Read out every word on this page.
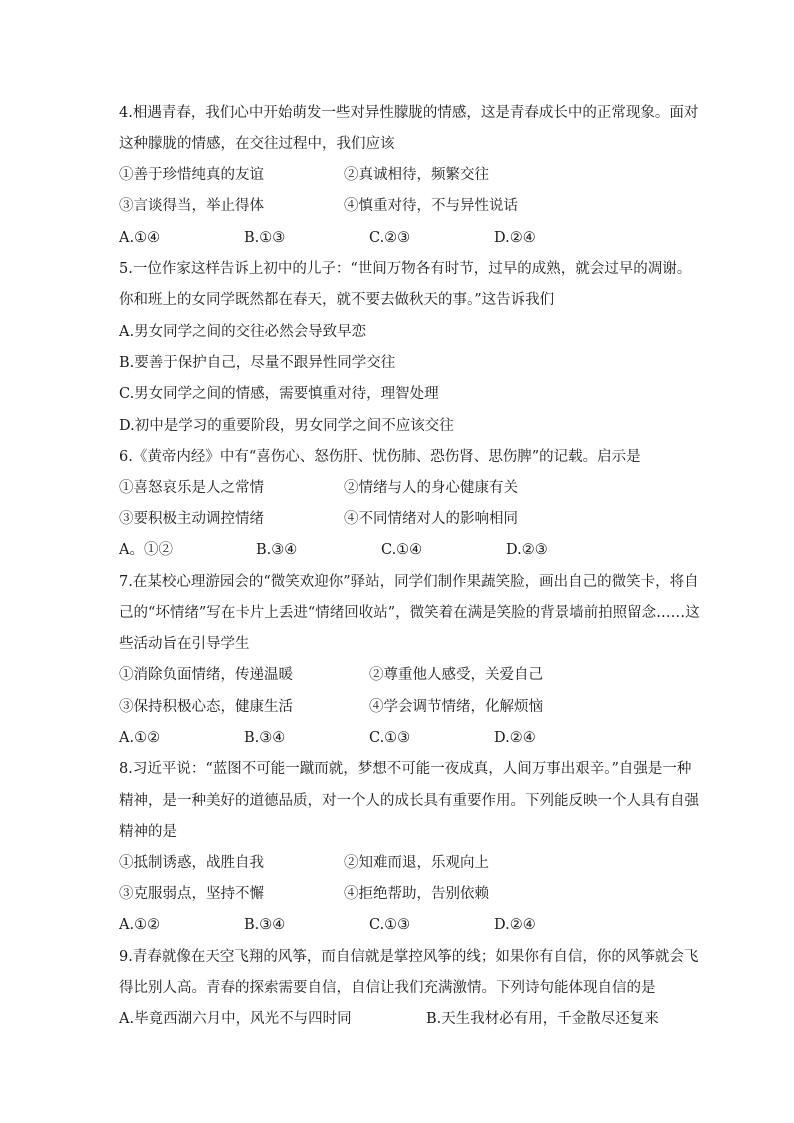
4.相遇青春，我们心中开始萌发一些对异性朦胧的情感，这是青春成长中的正常现象。面对
这种朦胧的情感，在交往过程中，我们应该
①善于珍惜纯真的友谊	②真诚相待，频繁交往
③言谈得当，举止得体	④慎重对待，不与异性说话
A.①④	B.①③	C.②③	D.②④
5.一位作家这样告诉上初中的儿子：“世间万物各有时节，过早的成熟，就会过早的凋谢。
你和班上的女同学既然都在春天，就不要去做秋天的事。”这告诉我们
A.男女同学之间的交往必然会导致早恋
B.要善于保护自己，尽量不跟异性同学交往
C.男女同学之间的情感，需要慎重对待，理智处理
D.初中是学习的重要阶段，男女同学之间不应该交往
6.《黄帝内经》中有“喜伤心、怒伤肝、忧伤肺、恐伤肾、思伤脾”的记载。启示是
①喜怒哀乐是人之常情	②情绪与人的身心健康有关
③要积极主动调控情绪	④不同情绪对人的影响相同
A。①②	B.③④	C.①④	D.②③
7.在某校心理游园会的“微笑欢迎你”驿站，同学们制作果蔬笑脸，画出自己的微笑卡，将自
己的“坏情绪”写在卡片上丢进“情绪回收站”，微笑着在满是笑脸的背景墙前拍照留念……这
些活动旨在引导学生
①消除负面情绪，传递温暖	②尊重他人感受，关爱自己
③保持积极心态，健康生活	④学会调节情绪，化解烦恼
A.①②	B.③④	C.①③	D.②④
8.习近平说：“蓝图不可能一蹴而就，梦想不可能一夜成真，人间万事出艰辛。”自强是一种
精神，是一种美好的道德品质，对一个人的成长具有重要作用。下列能反映一个人具有自强
精神的是
①抵制诱惑，战胜自我	②知难而退，乐观向上
③克服弱点，坚持不懈	④拒绝帮助，告别依赖
A.①②	B.③④	C.①③	D.②④
9.青春就像在天空飞翔的风筝，而自信就是掌控风筝的线；如果你有自信，你的风筝就会飞
得比别人高。青春的探索需要自信，自信让我们充满激情。下列诗句能体现自信的是
A.毕竟西湖六月中，风光不与四时同	B.天生我材必有用，千金散尽还复来
